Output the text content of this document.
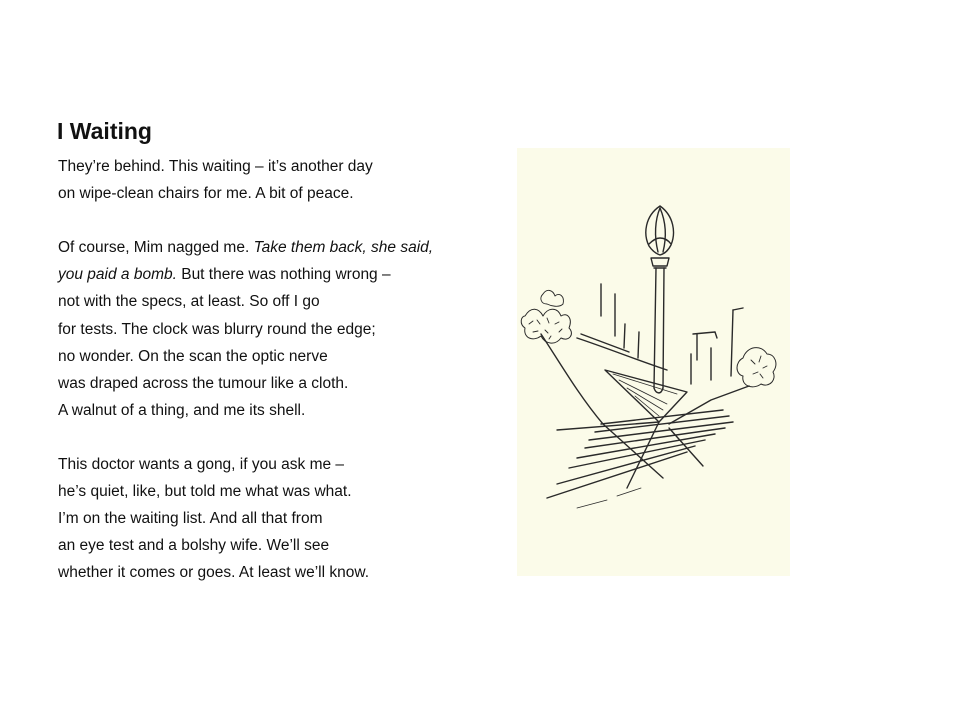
I Waiting
They’re behind. This waiting – it’s another day
on wipe-clean chairs for me. A bit of peace.
Of course, Mim nagged me. Take them back, she said,
you paid a bomb. But there was nothing wrong –
not with the specs, at least. So off I go
for tests. The clock was blurry round the edge;
no wonder. On the scan the optic nerve
was draped across the tumour like a cloth.
A walnut of a thing, and me its shell.
This doctor wants a gong, if you ask me –
he’s quiet, like, but told me what was what.
I’m on the waiting list. And all that from
an eye test and a bolshy wife. We’ll see
whether it comes or goes. At least we’ll know.
